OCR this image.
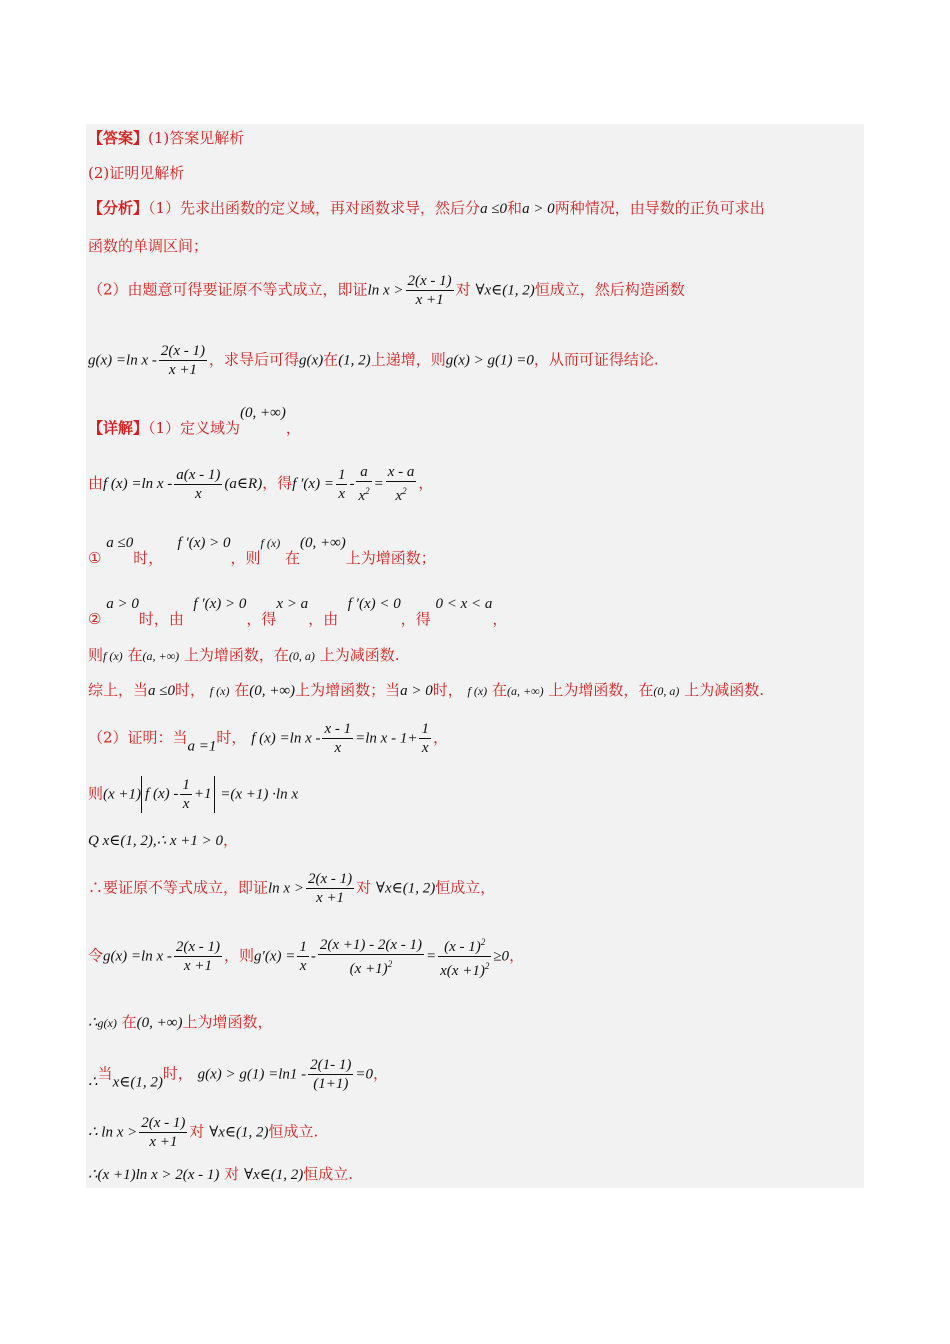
【答案】(1)答案见解析
(2)证明见解析
【分析】（1）先求出函数的定义域，再对函数求导，然后分a ≤0和a > 0两种情况，由导数的正负可求出
函数的单调区间；
（2）由题意可得要证原不等式成立，即证$\ln x > \frac{2(x - 1)}{x +1}$ 对 ∀x∈(1, 2)恒成立，然后构造函数
g(x) =ln x - $\frac{2(x - 1)}{x +1}$ ，求导后可得g(x)在(1, 2)上递增，则g(x) > g(1) =0，从而可证得结论.
【详解】（1）定义域为(0, +∞)，
由f (x) =ln x - $\frac{a(x - 1)}{x}$ (a∈R)，得f $'(x) = \frac{1}{x} - \frac{a}{x^2} = \frac{x - a}{x^2}$ ，
① a ≤0时，   f ′(x) > 0，则$^{f (x)}$ 在(0, +∞)上为增函数；
② a > 0时，由  f ′(x) > 0，得x > a，由  f ′(x) < 0，得 0 < x < a，
则f (x) 在(a, +∞) 上为增函数，在(0, a) 上为减函数.
综上，当a ≤0时， f (x) 在(0, +∞)上为增函数；当a > 0时， f (x) 在(a, +∞) 上为增函数，在(0, a) 上为减函数.
（2）证明：当a =1时， f (x) =ln $x - \frac{x - 1}{x} =\ln$ $x - 1+ \frac{1}{x}$ ，
则(x +1) f $(x) - \frac{1}{x} +1 =(x +1) \cdot\ln$ x
Q x∈(1, 2),∴ x +1 > 0，
∴要证原不等式成立，即证$\ln x > \frac{2(x - 1)}{x +1}$ 对 ∀x∈(1, 2)恒成立，
令g(x) =ln x - $\frac{2(x - 1)}{x +1}$ ，则$g'(x) = \frac{1}{x} - \frac{2(x +1) - 2(x - 1)}{(x +1)^2} = \frac{(x - 1)^2}{x(x +1)^2} \ge 0$，
∴g(x) 在(0, +∞)上为增函数，
∴当x∈(1, 2)时， $g(x) > g(1) =\ln 1 - \frac{2(1- 1)}{(1+1)} =0$，
∴ $\ln x > \frac{2(x - 1)}{x +1}$ 对 ∀x∈(1, 2)恒成立.
∴(x +1)ln x > 2(x - 1) 对 ∀x∈(1, 2)恒成立.
